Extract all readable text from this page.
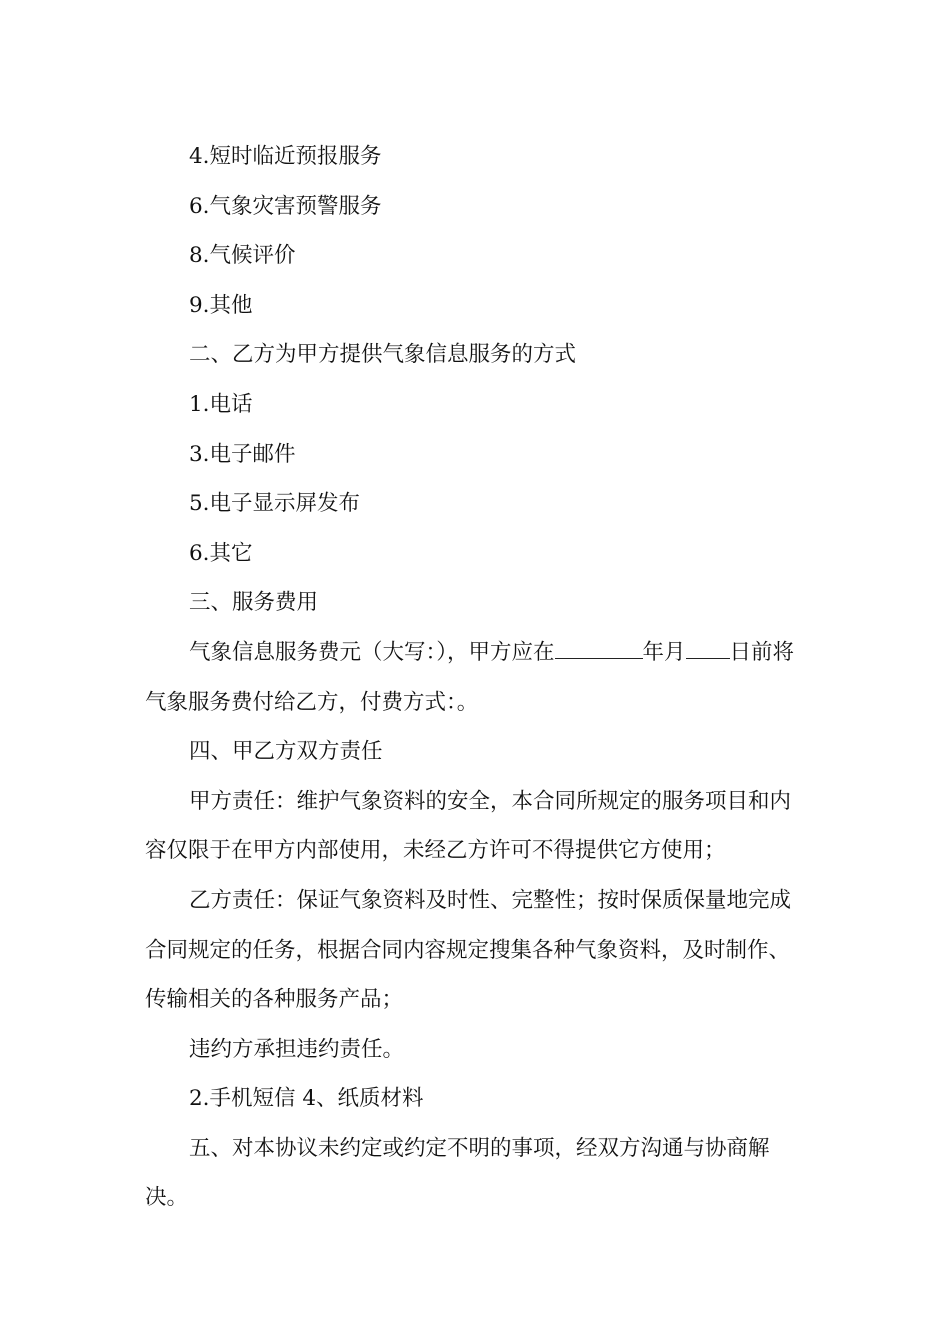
4.短时临近预报服务

6.气象灾害预警服务

8.气候评价

9.其他

二、乙方为甲方提供气象信息服务的方式

1.电话

3.电子邮件

5.电子显示屏发布

6.其它

三、服务费用

气象信息服务费元（大写：），甲方应在	年月 日前将气象服务费付给乙方，付费方式：。

四、甲乙方双方责任

甲方责任：维护气象资料的安全，本合同所规定的服务项目和内容仅限于在甲方内部使用，未经乙方许可不得提供它方使用；

乙方责任：保证气象资料及时性、完整性；按时保质保量地完成合同规定的任务，根据合同内容规定搜集各种气象资料，及时制作、传输相关的各种服务产品；

违约方承担违约责任。

2.手机短信 4、纸质材料

五、对本协议未约定或约定不明的事项，经双方沟通与协商解决。
